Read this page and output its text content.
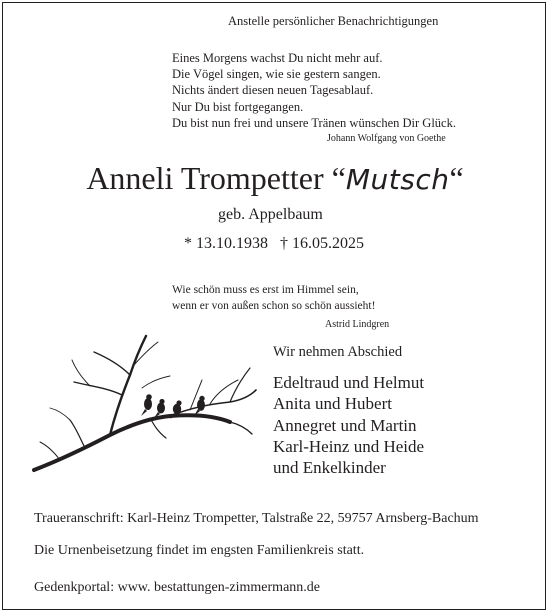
Anstelle persönlicher Benachrichtigungen
Eines Morgens wachst Du nicht mehr auf.
Die Vögel singen, wie sie gestern sangen.
Nichts ändert diesen neuen Tagesablauf.
Nur Du bist fortgegangen.
Du bist nun frei und unsere Tränen wünschen Dir Glück.
Johann Wolfgang von Goethe
Anneli Trompetter “Mutsch“
geb. Appelbaum
* 13.10.1938 † 16.05.2025
Wie schön muss es erst im Himmel sein,
wenn er von außen schon so schön aussieht!
Astrid Lindgren
Wir nehmen Abschied
Edeltraud und Helmut
Anita und Hubert
Annegret und Martin
Karl-Heinz und Heide
und Enkelkinder
Traueranschrift: Karl-Heinz Trompetter, Talstraße 22, 59757 Arnsberg-Bachum
Die Urnenbeisetzung findet im engsten Familienkreis statt.
Gedenkportal: www. bestattungen-zimmermann.de
